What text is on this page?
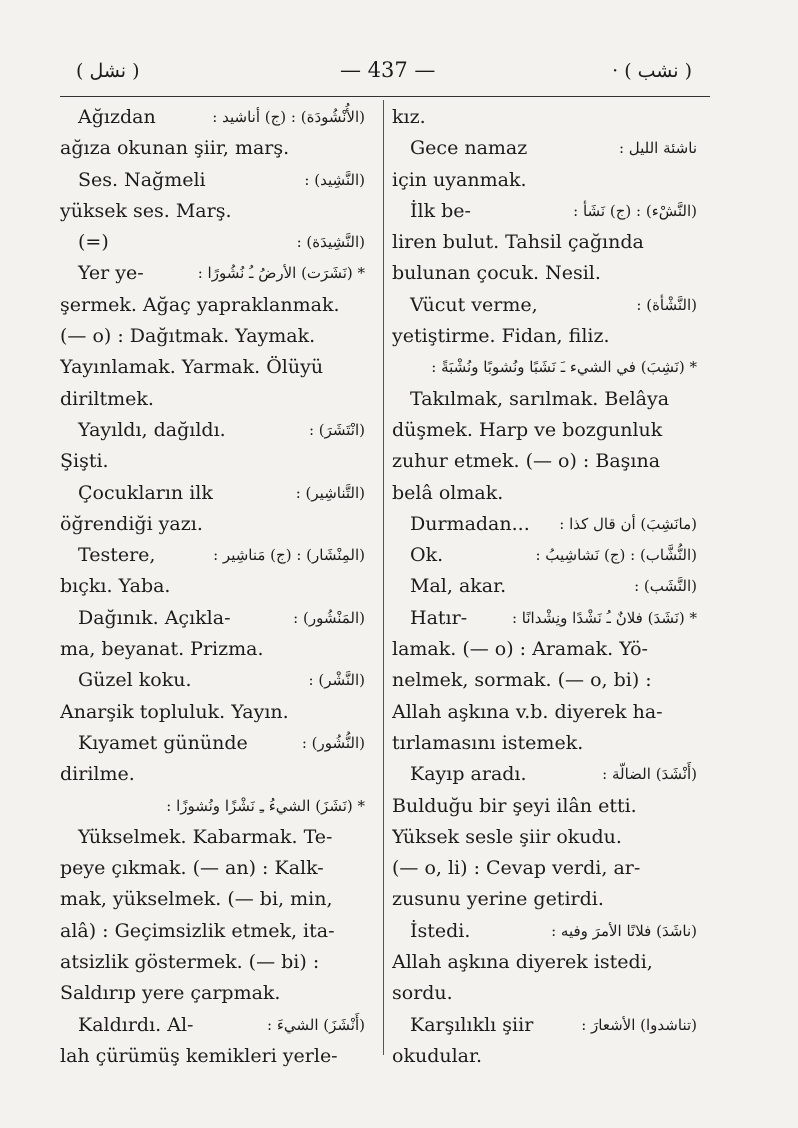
( نشل )	— 437 —	· ( نشب )
Ağızdan	(الأُنْشُودَة) : (ج) أناشيد :
ağıza okunan şiir, marş.
Ses. Nağmeli	(النَّشِيد) :
yüksek ses. Marş.
(=)	(النَّشِيدَة) :
Yer ye-	* (نَشَرَت) الأرضُ ـُ نُشُورًا :
şermek. Ağaç yapraklanmak.
(— o) : Dağıtmak. Yaymak.
Yayınlamak. Yarmak. Ölüyü
diriltmek.
Yayıldı, dağıldı.	(انْتَشَرَ) :
Şişti.
Çocukların ilk	(التَّناشِير) :
öğrendiği yazı.
Testere,	(المِنْشَار) : (ج) مَناشِير :
bıçkı. Yaba.
Dağınık. Açıkla-	(المَنْشُور) :
ma, beyanat. Prizma.
Güzel koku.	(النَّشْر) :
Anarşik topluluk. Yayın.
Kıyamet gününde	(النُّشُور) :
dirilme.
* (نَشَزَ) الشيءُ ـِ نَشْزًا ونُشوزًا :
Yükselmek. Kabarmak. Te-
peye çıkmak. (— an) : Kalk-
mak, yükselmek. (— bi, min,
alâ) : Geçimsizlik etmek, ita-
atsizlik göstermek. (— bi) :
Saldırıp yere çarpmak.
Kaldırdı. Al-	(أَنْشَزَ) الشيءَ :
lah çürümüş kemikleri yerle-
kız.
Gece namaz	ناشئة الليل :
için uyanmak.
İlk be-	(النَّشْء) : (ج) نَشَأ :
liren bulut. Tahsil çağında
bulunan çocuk. Nesil.
Vücut verme,	(النَّشْأة) :
yetiştirme. Fidan, filiz.
* (نَشِبَ) في الشيء ـَ نَشَبًا ونُشوبًا ونُشْبَةً :
Takılmak, sarılmak. Belâya
düşmek. Harp ve bozgunluk
zuhur etmek. (— o) : Başına
belâ olmak.
Durmadan... (مانَشِبَ) أن قال كذا :
Ok.	(النُّشَّاب) : (ج) نَشاشِيبُ :
Mal, akar.	(النَّشَب) :
Hatır-	* (نَشَدَ) فلانٌ ـُ نَشْدًا ونِشْدانًا :
lamak. (— o) : Aramak. Yö-
nelmek, sormak. (— o, bi) :
Allah aşkına v.b. diyerek ha-
tırlamasını istemek.
Kayıp aradı.	(أَنْشَدَ) الضالّة :
Bulduğu bir şeyi ilân etti.
Yüksek sesle şiir okudu.
(— o, li) : Cevap verdi, ar-
zusunu yerine getirdi.
İstedi.	(ناشَدَ) فلانًا الأمرَ وفيه :
Allah aşkına diyerek istedi,
sordu.
Karşılıklı şiir	(تناشدوا) الأشعارَ :
okudular.
